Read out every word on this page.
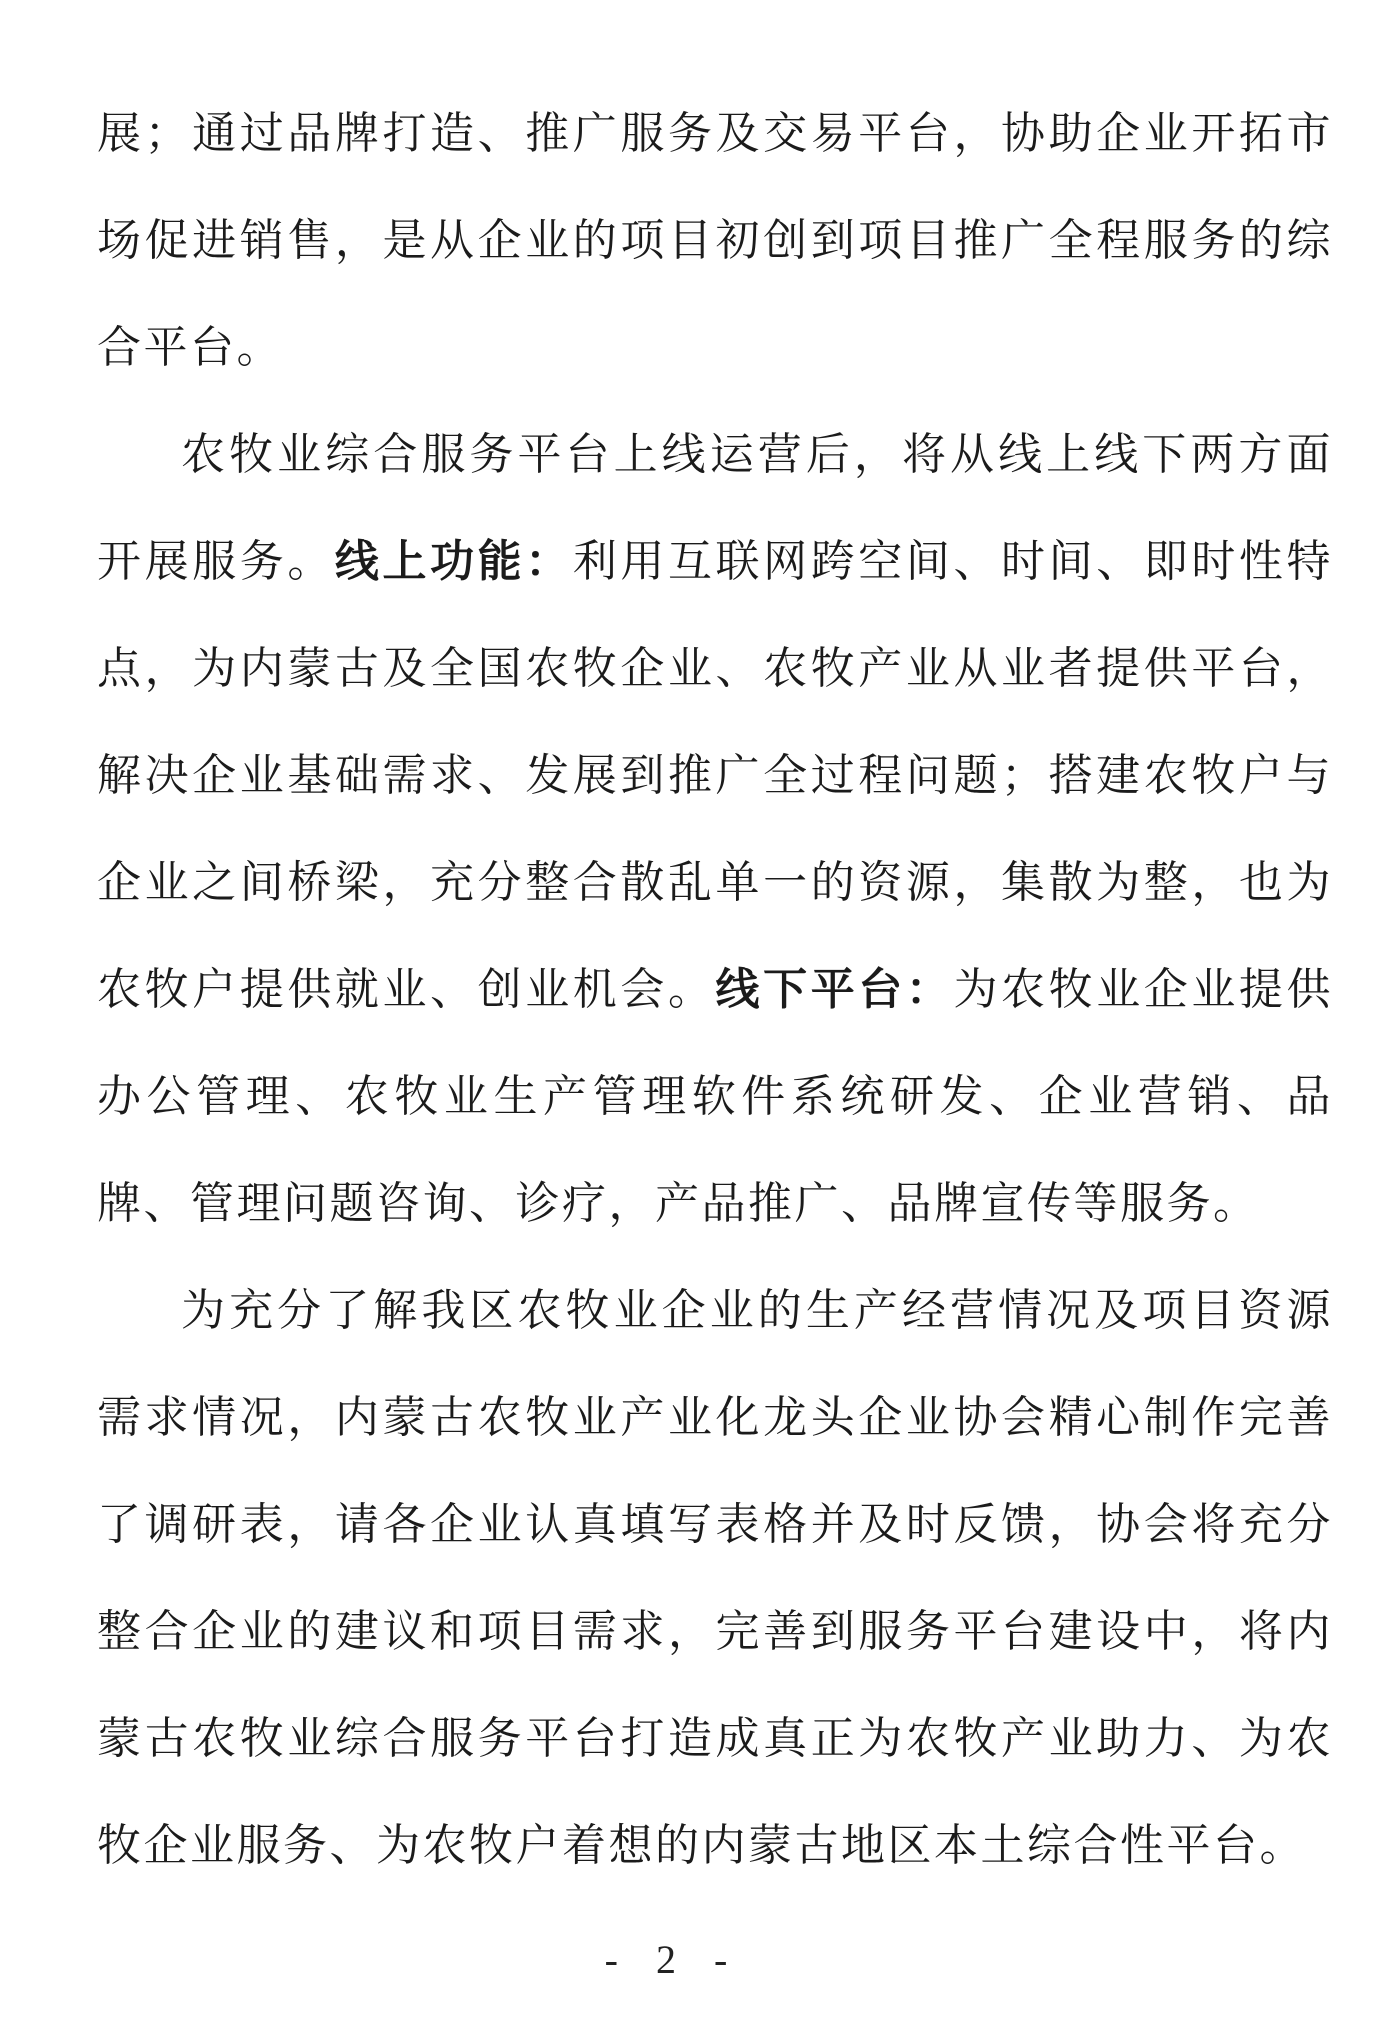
展；通过品牌打造、推广服务及交易平台，协助企业开拓市场促进销售，是从企业的项目初创到项目推广全程服务的综合平台。

农牧业综合服务平台上线运营后，将从线上线下两方面开展服务。线上功能：利用互联网跨空间、时间、即时性特点，为内蒙古及全国农牧企业、农牧产业从业者提供平台，解决企业基础需求、发展到推广全过程问题；搭建农牧户与企业之间桥梁，充分整合散乱单一的资源，集散为整，也为农牧户提供就业、创业机会。线下平台：为农牧业企业提供办公管理、农牧业生产管理软件系统研发、企业营销、品牌、管理问题咨询、诊疗，产品推广、品牌宣传等服务。

为充分了解我区农牧业企业的生产经营情况及项目资源需求情况，内蒙古农牧业产业化龙头企业协会精心制作完善了调研表，请各企业认真填写表格并及时反馈，协会将充分整合企业的建议和项目需求，完善到服务平台建设中，将内蒙古农牧业综合服务平台打造成真正为农牧产业助力、为农牧企业服务、为农牧户着想的内蒙古地区本土综合性平台。

- 2 -
